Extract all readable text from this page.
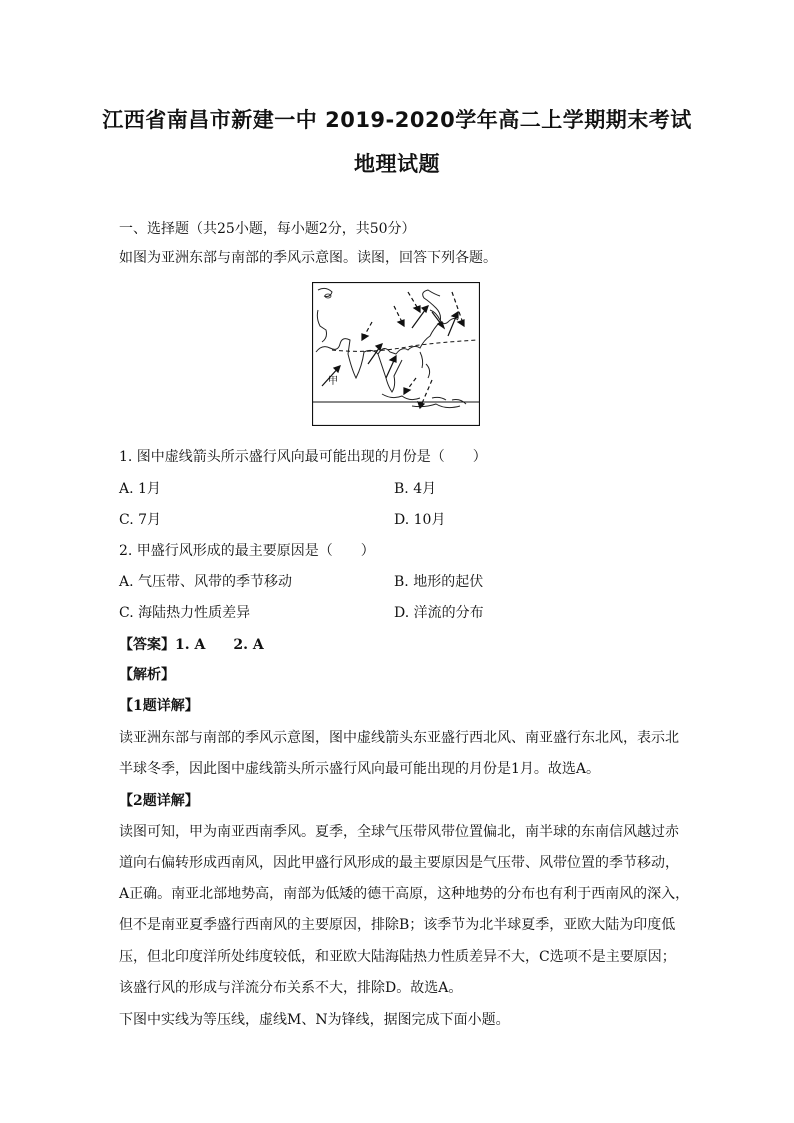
江西省南昌市新建一中 2019-2020学年高二上学期期末考试
地理试题
一、选择题（共25小题，每小题2分，共50分）
如图为亚洲东部与南部的季风示意图。读图，回答下列各题。
甲
1. 图中虚线箭头所示盛行风向最可能出现的月份是（　　）
A. 1月	B. 4月
C. 7月	D. 10月
2. 甲盛行风形成的最主要原因是（　　）
A. 气压带、风带的季节移动	B. 地形的起伏
C. 海陆热力性质差异	D. 洋流的分布
【答案】1. A　　2. A
【解析】
【1题详解】
读亚洲东部与南部的季风示意图，图中虚线箭头东亚盛行西北风、南亚盛行东北风，表示北
半球冬季，因此图中虚线箭头所示盛行风向最可能出现的月份是1月。故选A。
【2题详解】
读图可知，甲为南亚西南季风。夏季，全球气压带风带位置偏北，南半球的东南信风越过赤
道向右偏转形成西南风，因此甲盛行风形成的最主要原因是气压带、风带位置的季节移动，
A正确。南亚北部地势高，南部为低矮的德干高原，这种地势的分布也有利于西南风的深入，
但不是南亚夏季盛行西南风的主要原因，排除B；该季节为北半球夏季，亚欧大陆为印度低
压，但北印度洋所处纬度较低，和亚欧大陆海陆热力性质差异不大，C选项不是主要原因；
该盛行风的形成与洋流分布关系不大，排除D。故选A。
下图中实线为等压线，虚线M、N为锋线，据图完成下面小题。
